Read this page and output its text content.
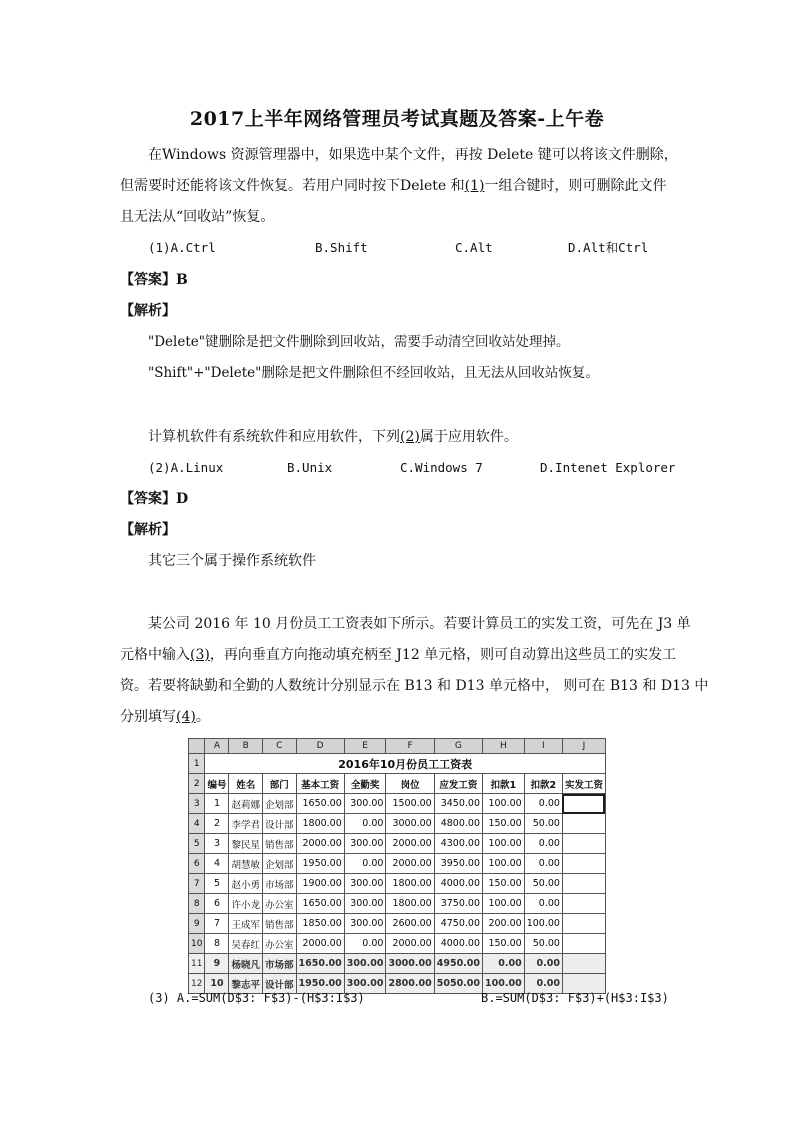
2017上半年网络管理员考试真题及答案-上午卷
在Windows 资源管理器中，如果选中某个文件，再按 Delete 键可以将该文件删除，
但需要时还能将该文件恢复。若用户同时按下Delete 和(1)一组合键时，则可删除此文件
且无法从“回收站”恢复。
(1)A.Ctrl	B.Shift	C.Alt	D.Alt和Ctrl
【答案】B
【解析】
"Delete"键删除是把文件删除到回收站，需要手动清空回收站处理掉。
"Shift"+"Delete"删除是把文件删除但不经回收站，且无法从回收站恢复。
计算机软件有系统软件和应用软件，下列(2)属于应用软件。
(2)A.Linux	B.Unix	C.Windows 7	D.Intenet Explorer
【答案】D
【解析】
其它三个属于操作系统软件
某公司 2016 年 10 月份员工工资表如下所示。若要计算员工的实发工资，可先在 J3 单
元格中输入(3)，再向垂直方向拖动填充柄至 J12 单元格，则可自动算出这些员工的实发工
资。若要将缺勤和全勤的人数统计分别显示在 B13 和 D13 单元格中， 则可在 B13 和 D13 中
分别填写(4)。
	A	B	C	D	E	F	G	H	I	J
1	2016年10月份员工工资表									
2	编号	姓名	部门	基本工资	全勤奖	岗位	应发工资	扣款1	扣款2	实发工资
3	1	赵莉娜	企划部	1650.00	300.00	1500.00	3450.00	100.00	0.00	
4	2	李学君	设计部	1800.00	0.00	3000.00	4800.00	150.00	50.00	
5	3	黎民星	销售部	2000.00	300.00	2000.00	4300.00	100.00	0.00	
6	4	胡慧敏	企划部	1950.00	0.00	2000.00	3950.00	100.00	0.00	
7	5	赵小勇	市场部	1900.00	300.00	1800.00	4000.00	150.00	50.00	
8	6	许小龙	办公室	1650.00	300.00	1800.00	3750.00	100.00	0.00	
9	7	王成军	销售部	1850.00	300.00	2600.00	4750.00	200.00	100.00	
10	8	吴春红	办公室	2000.00	0.00	2000.00	4000.00	150.00	50.00	
11	9	杨晓凡	市场部	1650.00	300.00	3000.00	4950.00	0.00	0.00	
12	10	黎志平	设计部	1950.00	300.00	2800.00	5050.00	100.00	0.00	
(3) A.=SUM(D$3: F$3)-(H$3:I$3)	B.=SUM(D$3: F$3)+(H$3:I$3)
